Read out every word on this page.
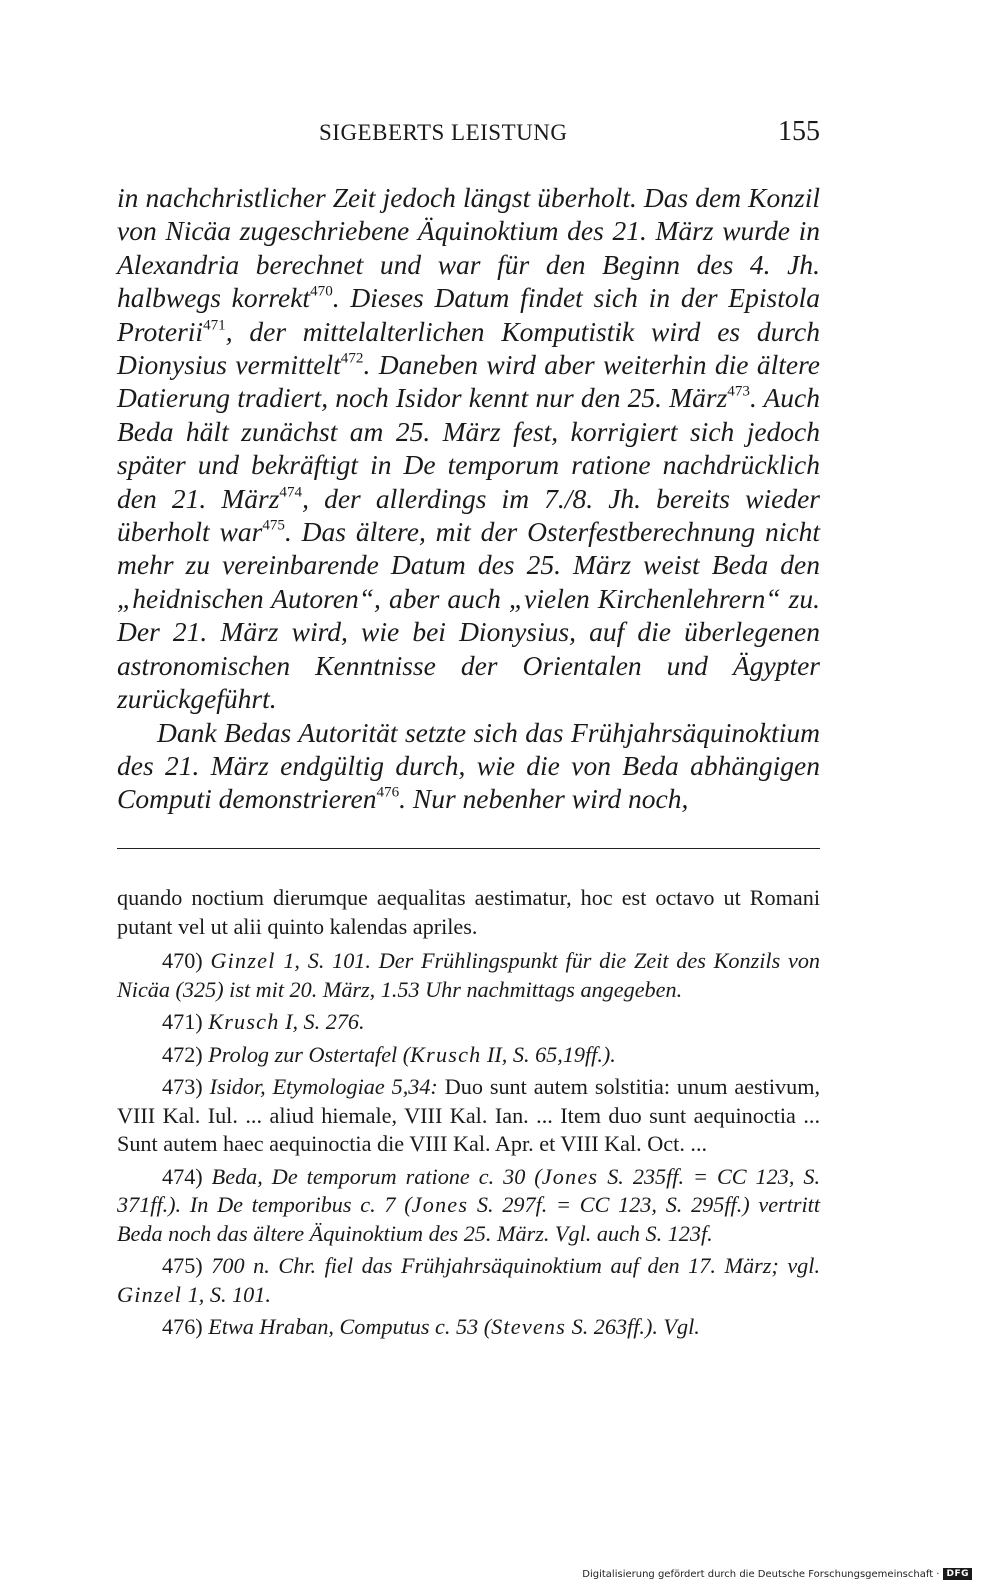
SIGEBERTS LEISTUNG	155

in nachchristlicher Zeit jedoch längst überholt. Das dem Konzil von Nicäa zugeschriebene Äquinoktium des 21. März wurde in Alexandria berechnet und war für den Beginn des 4. Jh. halbwegs korrekt$^{470}$. Dieses Datum findet sich in der Epistola Proterii$^{471}$, der mittelalterlichen Komputistik wird es durch Dionysius vermittelt$^{472}$. Daneben wird aber weiterhin die ältere Datierung tradiert, noch Isidor kennt nur den 25. März$^{473}$. Auch Beda hält zunächst am 25. März fest, korrigiert sich jedoch später und bekräftigt in De temporum ratione nachdrücklich den 21. März$^{474}$, der allerdings im 7./8. Jh. bereits wieder überholt war$^{475}$. Das ältere, mit der Osterfestberechnung nicht mehr zu vereinbarende Datum des 25. März weist Beda den „heidnischen Autoren“, aber auch „vielen Kirchenlehrern“ zu. Der 21. März wird, wie bei Dionysius, auf die überlegenen astronomischen Kenntnisse der Orientalen und Ägypter zurückgeführt.

Dank Bedas Autorität setzte sich das Frühjahrsäquinoktium des 21. März endgültig durch, wie die von Beda abhängigen Computi demonstrieren$^{476}$. Nur nebenher wird noch,

quando noctium dierumque aequalitas aestimatur, hoc est octavo ut Romani putant vel ut alii quinto kalendas apriles.

470) Ginzel 1, S. 101. Der Frühlingspunkt für die Zeit des Konzils von Nicäa (325) ist mit 20. März, 1.53 Uhr nachmittags angegeben.

471) Krusch I, S. 276.

472) Prolog zur Ostertafel (Krusch II, S. 65,19ff.).

473) Isidor, Etymologiae 5,34: Duo sunt autem solstitia: unum aestivum, VIII Kal. Iul. ... aliud hiemale, VIII Kal. Ian. ... Item duo sunt aequinoctia ... Sunt autem haec aequinoctia die VIII Kal. Apr. et VIII Kal. Oct. ...

474) Beda, De temporum ratione c. 30 (Jones S. 235ff. = CC 123, S. 371ff.). In De temporibus c. 7 (Jones S. 297f. = CC 123, S. 295ff.) vertritt Beda noch das ältere Äquinoktium des 25. März. Vgl. auch S. 123f.

475) 700 n. Chr. fiel das Frühjahrsäquinoktium auf den 17. März; vgl. Ginzel 1, S. 101.

476) Etwa Hraban, Computus c. 53 (Stevens S. 263ff.). Vgl.

Digitalisierung gefördert durch die Deutsche Forschungsgemeinschaft · DFG
